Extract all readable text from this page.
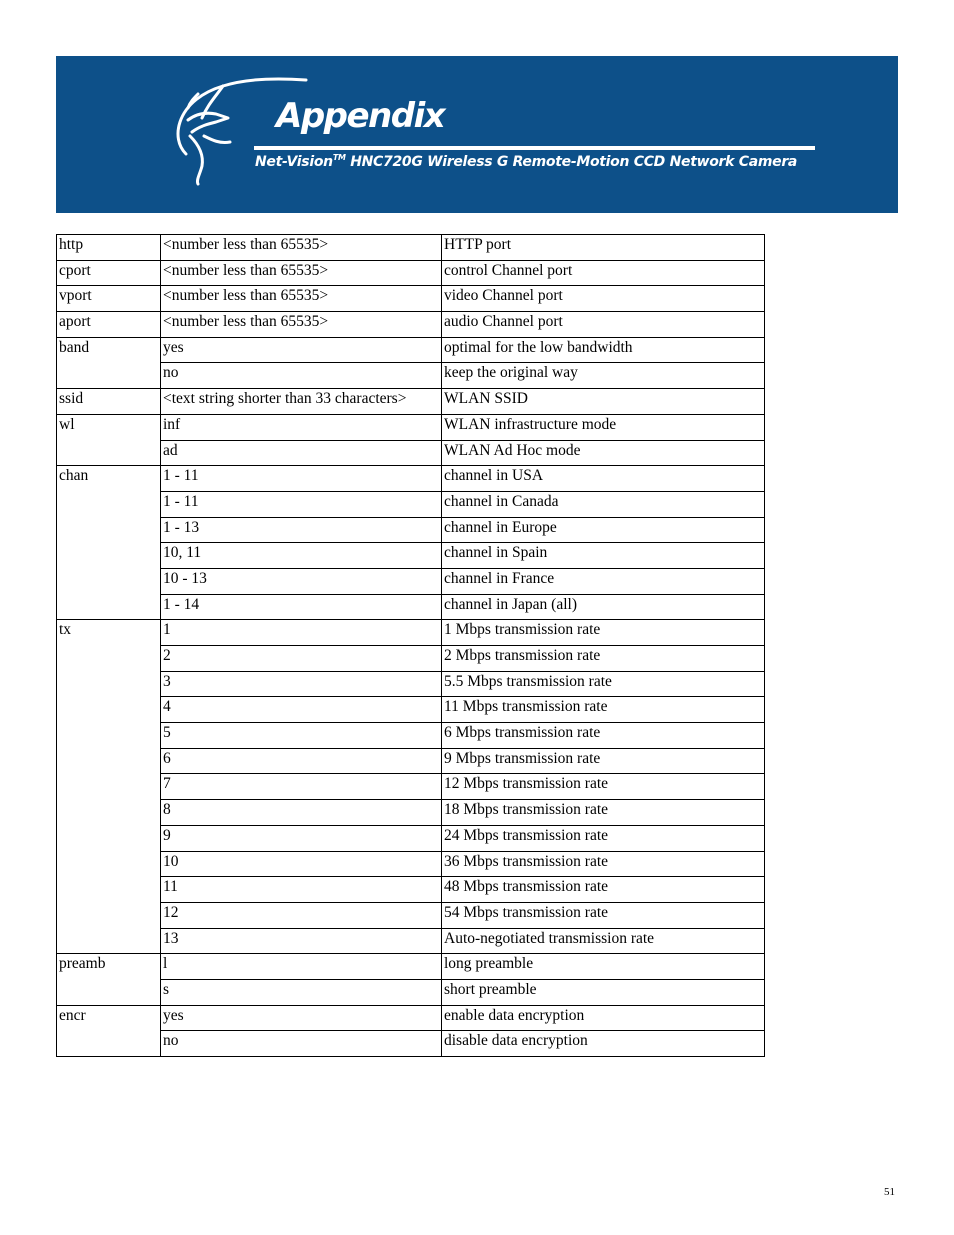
Appendix
Net-Vision™ HNC720G Wireless G Remote-Motion CCD Network Camera
http	<number less than 65535>	HTTP port
cport	<number less than 65535>	control Channel port
vport	<number less than 65535>	video Channel port
aport	<number less than 65535>	audio Channel port
band	yes	optimal for the low bandwidth
	no	keep the original way
ssid	<text string shorter than 33 characters>	WLAN SSID
wl	inf	WLAN infrastructure mode
	ad	WLAN Ad Hoc mode
chan	1 - 11	channel in USA
	1 - 11	channel in Canada
	1 - 13	channel in Europe
	10, 11	channel in Spain
	10 - 13	channel in France
	1 - 14	channel in Japan (all)
tx	1	1 Mbps transmission rate
	2	2 Mbps transmission rate
	3	5.5 Mbps transmission rate
	4	11 Mbps transmission rate
	5	6 Mbps transmission rate
	6	9 Mbps transmission rate
	7	12 Mbps transmission rate
	8	18 Mbps transmission rate
	9	24 Mbps transmission rate
	10	36 Mbps transmission rate
	11	48 Mbps transmission rate
	12	54 Mbps transmission rate
	13	Auto-negotiated transmission rate
preamb	l	long preamble
	s	short preamble
encr	yes	enable data encryption
	no	disable data encryption
51
